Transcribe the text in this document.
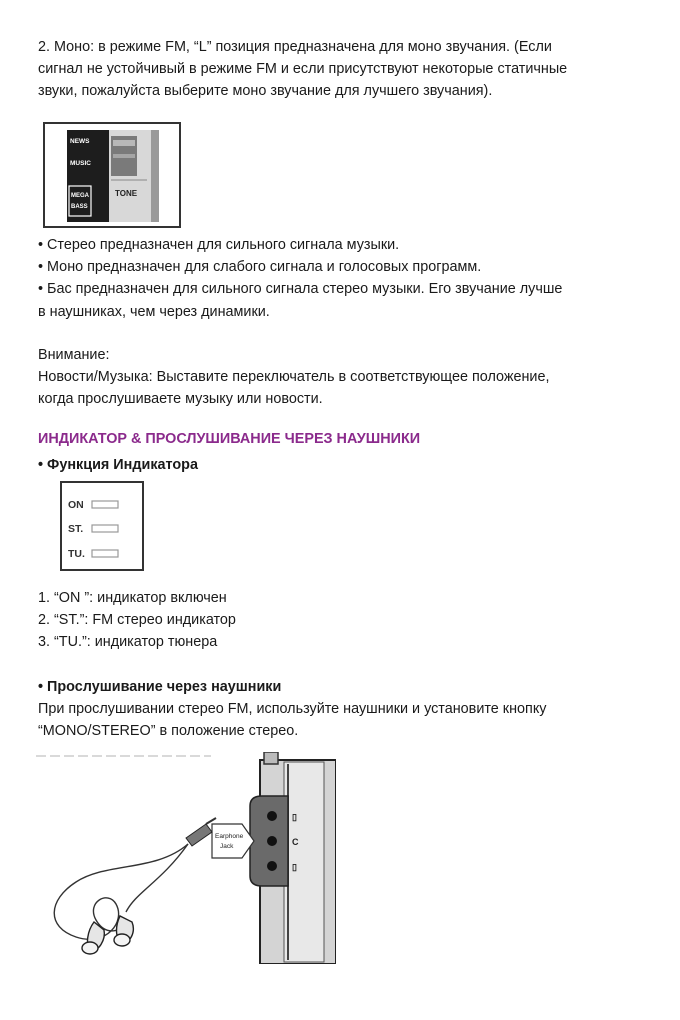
2. Моно: в режиме FM, “L” позиция предназначена для моно звучания. (Если
сигнал не устойчивый в режиме FM и если присутствуют некоторые статичные
звуки, пожалуйста выберите моно звучание для лучшего звучания).

NEWS
MUSIC
MEGA
BASS
TONE

• Стерео предназначен для сильного сигнала музыки.
• Моно предназначен для слабого сигнала и голосовых программ.
• Бас предназначен для сильного сигнала стерео музыки. Его звучание лучше
в наушниках, чем через динамики.

Внимание:
Новости/Музыка: Выставите переключатель в соответствующее положение,
когда прослушиваете музыку или новости.

ИНДИКАТОР & ПРОСЛУШИВАНИЕ ЧЕРЕЗ НАУШНИКИ

• Функция Индикатора

ON
ST.
TU.

1. “ON ”: индикатор включен
2. “ST.”: FM стерео индикатор
3. “TU.”: индикатор тюнера

• Прослушивание через наушники

При прослушивании стерео FM, используйте наушники и установите кнопку
“MONO/STEREO” в положение стерео.

▯
C
▯
Earphone
Jack
